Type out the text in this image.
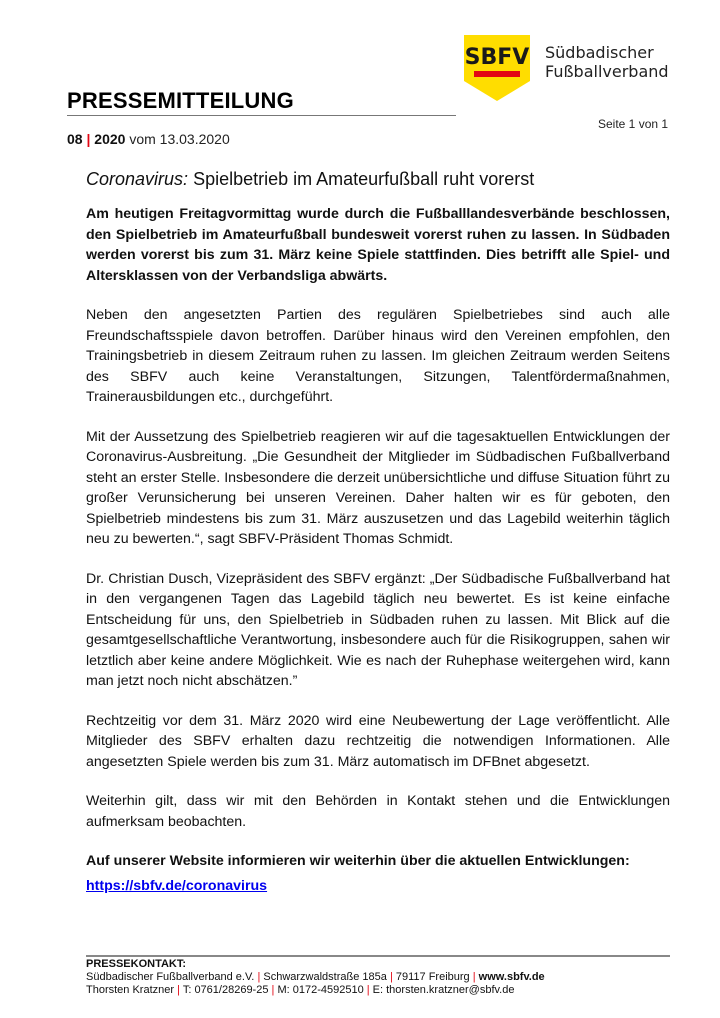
SBFV Südbadischer
Fußballverband
PRESSEMITTEILUNG
08 | 2020 vom 13.03.2020
Seite 1 von 1
Coronavirus: Spielbetrieb im Amateurfußball ruht vorerst

Am heutigen Freitagvormittag wurde durch die Fußballlandesverbände beschlossen, den Spielbetrieb im Amateurfußball bundesweit vorerst ruhen zu lassen. In Südbaden werden vorerst bis zum 31. März keine Spiele stattfinden. Dies betrifft alle Spiel- und Altersklassen von der Verbandsliga abwärts.

Neben den angesetzten Partien des regulären Spielbetriebes sind auch alle Freundschaftsspiele davon betroffen. Darüber hinaus wird den Vereinen empfohlen, den Trainingsbetrieb in diesem Zeitraum ruhen zu lassen. Im gleichen Zeitraum werden Seitens des SBFV auch keine Veranstaltungen, Sitzungen, Talentfördermaßnahmen, Trainerausbildungen etc., durchgeführt.

Mit der Aussetzung des Spielbetrieb reagieren wir auf die tagesaktuellen Entwicklungen der Coronavirus-Ausbreitung. „Die Gesundheit der Mitglieder im Südbadischen Fußballverband steht an erster Stelle. Insbesondere die derzeit unübersichtliche und diffuse Situation führt zu großer Verunsicherung bei unseren Vereinen. Daher halten wir es für geboten, den Spielbetrieb mindestens bis zum 31. März auszusetzen und das Lagebild weiterhin täglich neu zu bewerten.“, sagt SBFV-Präsident Thomas Schmidt.

Dr. Christian Dusch, Vizepräsident des SBFV ergänzt: „Der Südbadische Fußballverband hat in den vergangenen Tagen das Lagebild täglich neu bewertet. Es ist keine einfache Entscheidung für uns, den Spielbetrieb in Südbaden ruhen zu lassen. Mit Blick auf die gesamtgesellschaftliche Verantwortung, insbesondere auch für die Risikogruppen, sahen wir letztlich aber keine andere Möglichkeit. Wie es nach der Ruhephase weitergehen wird, kann man jetzt noch nicht abschätzen.”

Rechtzeitig vor dem 31. März 2020 wird eine Neubewertung der Lage veröffentlicht. Alle Mitglieder des SBFV erhalten dazu rechtzeitig die notwendigen Informationen. Alle angesetzten Spiele werden bis zum 31. März automatisch im DFBnet abgesetzt.

Weiterhin gilt, dass wir mit den Behörden in Kontakt stehen und die Entwicklungen aufmerksam beobachten.

Auf unserer Website informieren wir weiterhin über die aktuellen Entwicklungen:

https://sbfv.de/coronavirus
PRESSEKONTAKT:
Südbadischer Fußballverband e.V. | Schwarzwaldstraße 185a | 79117 Freiburg | www.sbfv.de
Thorsten Kratzner | T: 0761/28269-25 | M: 0172-4592510 | E: thorsten.kratzner@sbfv.de
